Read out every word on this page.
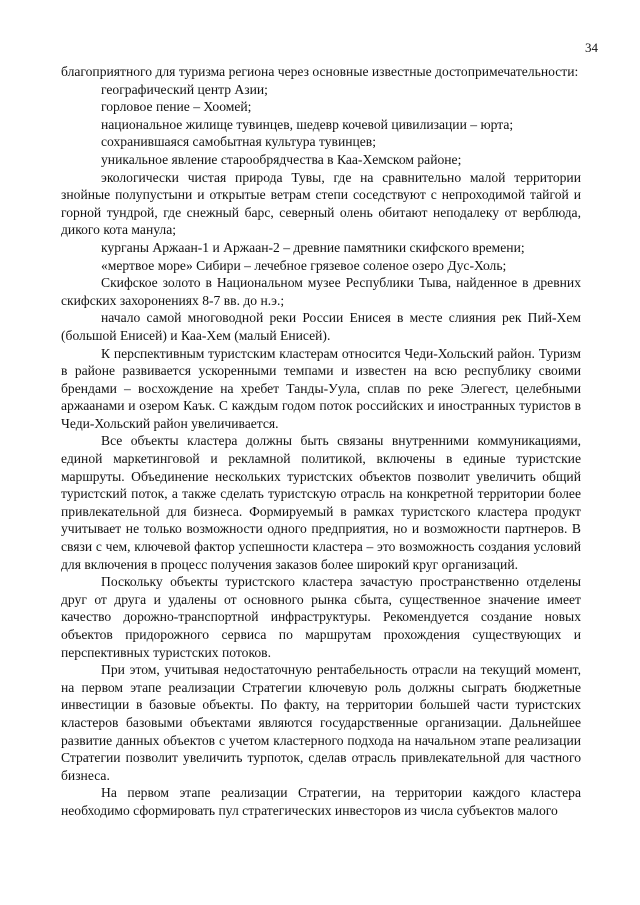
34

благоприятного для туризма региона через основные известные достопримечательности:

географический центр Азии;

горловое пение – Хоомей;

национальное жилище тувинцев, шедевр кочевой цивилизации – юрта;

сохранившаяся самобытная культура тувинцев;

уникальное явление старообрядчества в Каа-Хемском районе;

экологически чистая природа Тувы, где на сравнительно малой территории знойные полупустыни и открытые ветрам степи соседствуют с непроходимой тайгой и горной тундрой, где снежный барс, северный олень обитают неподалеку от верблюда, дикого кота манула;

курганы Аржаан-1 и Аржаан-2 – древние памятники скифского времени;

«мертвое море» Сибири – лечебное грязевое соленое озеро Дус-Холь;

Скифское золото в Национальном музее Республики Тыва, найденное в древних скифских захоронениях 8-7 вв. до н.э.;

начало самой многоводной реки России Енисея в месте слияния рек Пий-Хем (большой Енисей) и Каа-Хем (малый Енисей).

К перспективным туристским кластерам относится Чеди-Хольский район. Туризм в районе развивается ускоренными темпами и известен на всю республику своими брендами – восхождение на хребет Танды-Уула, сплав по реке Элегест, целебными аржаанами и озером Каък. С каждым годом поток российских и иностранных туристов в Чеди-Хольский район увеличивается.

Все объекты кластера должны быть связаны внутренними коммуникациями, единой маркетинговой и рекламной политикой, включены в единые туристские маршруты. Объединение нескольких туристских объектов позволит увеличить общий туристский поток, а также сделать туристскую отрасль на конкретной территории более привлекательной для бизнеса. Формируемый в рамках туристского кластера продукт учитывает не только возможности одного предприятия, но и возможности партнеров. В связи с чем, ключевой фактор успешности кластера – это возможность создания условий для включения в процесс получения заказов более широкий круг организаций.

Поскольку объекты туристского кластера зачастую пространственно отделены друг от друга и удалены от основного рынка сбыта, существенное значение имеет качество дорожно-транспортной инфраструктуры. Рекомендуется создание новых объектов придорожного сервиса по маршрутам прохождения существующих и перспективных туристских потоков.

При этом, учитывая недостаточную рентабельность отрасли на текущий момент, на первом этапе реализации Стратегии ключевую роль должны сыграть бюджетные инвестиции в базовые объекты. По факту, на территории большей части туристских кластеров базовыми объектами являются государственные организации. Дальнейшее развитие данных объектов с учетом кластерного подхода на начальном этапе реализации Стратегии позволит увеличить турпоток, сделав отрасль привлекательной для частного бизнеса.

На первом этапе реализации Стратегии, на территории каждого кластера необходимо сформировать пул стратегических инвесторов из числа субъектов малого
